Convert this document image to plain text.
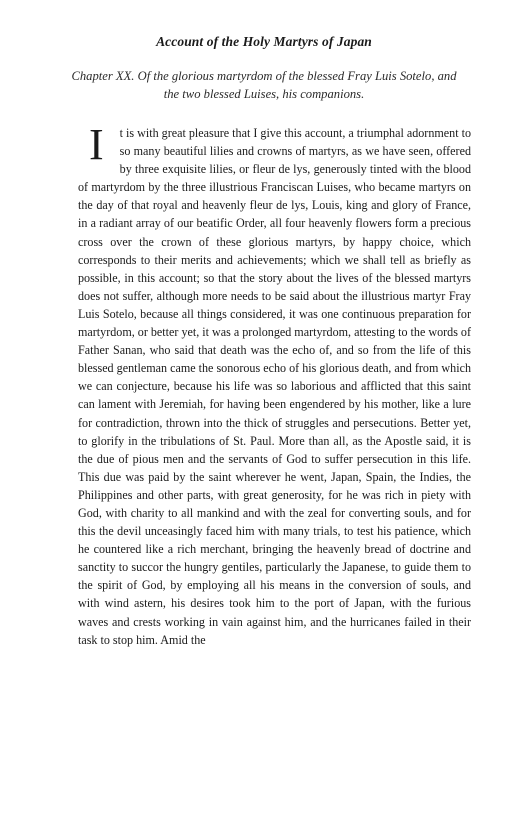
Account of the Holy Martyrs of Japan
Chapter XX. Of the glorious martyrdom of the blessed Fray Luis Sotelo, and the two blessed Luises, his companions.
I t is with great pleasure that I give this account, a triumphal adornment to so many beautiful lilies and crowns of martyrs, as we have seen, offered by three exquisite lilies, or fleur de lys, generously tinted with the blood of martyrdom by the three illustrious Franciscan Luises, who became martyrs on the day of that royal and heavenly fleur de lys, Louis, king and glory of France, in a radiant array of our beatific Order, all four heavenly flowers form a precious cross over the crown of these glorious martyrs, by happy choice, which corresponds to their merits and achievements; which we shall tell as briefly as possible, in this account; so that the story about the lives of the blessed martyrs does not suffer, although more needs to be said about the illustrious martyr Fray Luis Sotelo, because all things considered, it was one continuous preparation for martyrdom, or better yet, it was a prolonged martyrdom, attesting to the words of Father Sanan, who said that death was the echo of, and so from the life of this blessed gentleman came the sonorous echo of his glorious death, and from which we can conjecture, because his life was so laborious and afflicted that this saint can lament with Jeremiah, for having been engendered by his mother, like a lure for contradiction, thrown into the thick of struggles and persecutions. Better yet, to glorify in the tribulations of St. Paul. More than all, as the Apostle said, it is the due of pious men and the servants of God to suffer persecution in this life. This due was paid by the saint wherever he went, Japan, Spain, the Indies, the Philippines and other parts, with great generosity, for he was rich in piety with God, with charity to all mankind and with the zeal for converting souls, and for this the devil unceasingly faced him with many trials, to test his patience, which he countered like a rich merchant, bringing the heavenly bread of doctrine and sanctity to succor the hungry gentiles, particularly the Japanese, to guide them to the spirit of God, by employing all his means in the conversion of souls, and with wind astern, his desires took him to the port of Japan, with the furious waves and crests working in vain against him, and the hurricanes failed in their task to stop him. Amid the
